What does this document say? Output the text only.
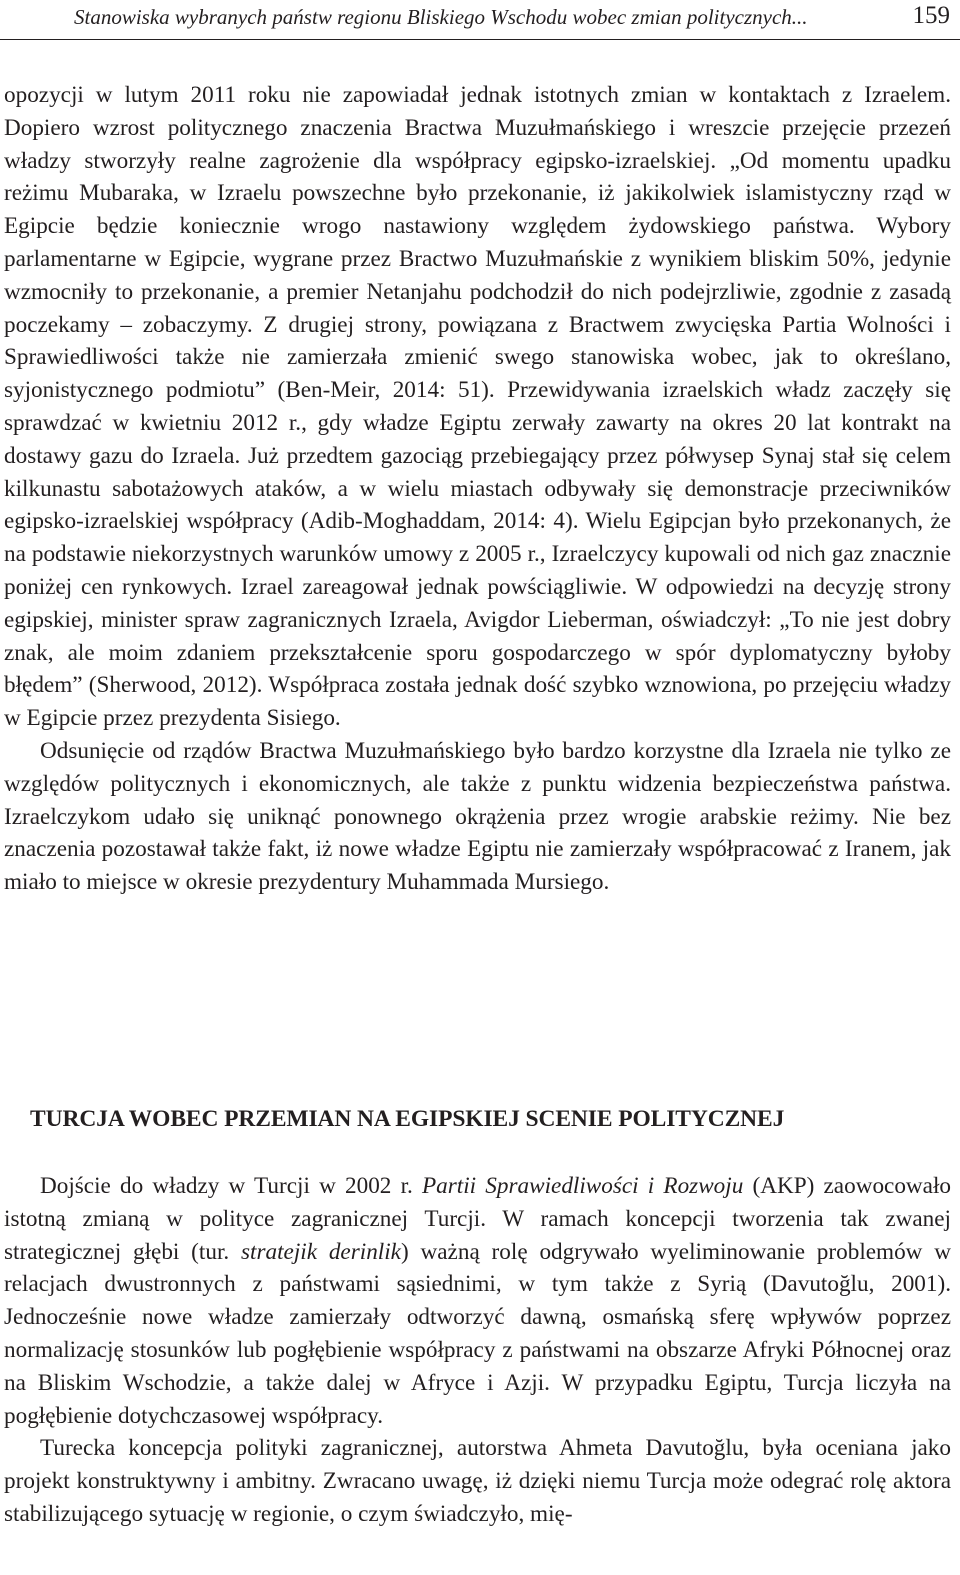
Stanowiska wybranych państw regionu Bliskiego Wschodu wobec zmian politycznych...	159

opozycji w lutym 2011 roku nie zapowiadał jednak istotnych zmian w kontaktach z Izraelem. Dopiero wzrost politycznego znaczenia Bractwa Muzułmańskiego i wreszcie przejęcie przezeń władzy stworzyły realne zagrożenie dla współpracy egipsko-izraelskiej. „Od momentu upadku reżimu Mubaraka, w Izraelu powszechne było przekonanie, iż jakikolwiek islamistyczny rząd w Egipcie będzie koniecznie wrogo nastawiony względem żydowskiego państwa. Wybory parlamentarne w Egipcie, wygrane przez Bractwo Muzułmańskie z wynikiem bliskim 50%, jedynie wzmocniły to przekonanie, a premier Netanjahu podchodził do nich podejrzliwie, zgodnie z zasadą poczekamy – zobaczymy. Z drugiej strony, powiązana z Bractwem zwycięska Partia Wolności i Sprawiedliwości także nie zamierzała zmienić swego stanowiska wobec, jak to określano, syjonistycznego podmiotu” (Ben-Meir, 2014: 51). Przewidywania izraelskich władz zaczęły się sprawdzać w kwietniu 2012 r., gdy władze Egiptu zerwały zawarty na okres 20 lat kontrakt na dostawy gazu do Izraela. Już przedtem gazociąg przebiegający przez półwysep Synaj stał się celem kilkunastu sabotażowych ataków, a w wielu miastach odbywały się demonstracje przeciwników egipsko-izraelskiej współpracy (Adib-Moghaddam, 2014: 4). Wielu Egipcjan było przekonanych, że na podstawie niekorzystnych warunków umowy z 2005 r., Izraelczycy kupowali od nich gaz znacznie poniżej cen rynkowych. Izrael zareagował jednak powściągliwie. W odpowiedzi na decyzję strony egipskiej, minister spraw zagranicznych Izraela, Avigdor Lieberman, oświadczył: „To nie jest dobry znak, ale moim zdaniem przekształcenie sporu gospodarczego w spór dyplomatyczny byłoby błędem” (Sherwood, 2012). Współpraca została jednak dość szybko wznowiona, po przejęciu władzy w Egipcie przez prezydenta Sisiego.

Odsunięcie od rządów Bractwa Muzułmańskiego było bardzo korzystne dla Izraela nie tylko ze względów politycznych i ekonomicznych, ale także z punktu widzenia bezpieczeństwa państwa. Izraelczykom udało się uniknąć ponownego okrążenia przez wrogie arabskie reżimy. Nie bez znaczenia pozostawał także fakt, iż nowe władze Egiptu nie zamierzały współpracować z Iranem, jak miało to miejsce w okresie prezydentury Muhammada Mursiego.

TURCJA WOBEC PRZEMIAN NA EGIPSKIEJ SCENIE POLITYCZNEJ

Dojście do władzy w Turcji w 2002 r. Partii Sprawiedliwości i Rozwoju (AKP) zaowocowało istotną zmianą w polityce zagranicznej Turcji. W ramach koncepcji tworzenia tak zwanej strategicznej głębi (tur. stratejik derinlik) ważną rolę odgrywało wyeliminowanie problemów w relacjach dwustronnych z państwami sąsiednimi, w tym także z Syrią (Davutoğlu, 2001). Jednocześnie nowe władze zamierzały odtworzyć dawną, osmańską sferę wpływów poprzez normalizację stosunków lub pogłębienie współpracy z państwami na obszarze Afryki Północnej oraz na Bliskim Wschodzie, a także dalej w Afryce i Azji. W przypadku Egiptu, Turcja liczyła na pogłębienie dotychczasowej współpracy.

Turecka koncepcja polityki zagranicznej, autorstwa Ahmeta Davutoğlu, była oceniana jako projekt konstruktywny i ambitny. Zwracano uwagę, iż dzięki niemu Turcja może odegrać rolę aktora stabilizującego sytuację w regionie, o czym świadczyło, mię-
